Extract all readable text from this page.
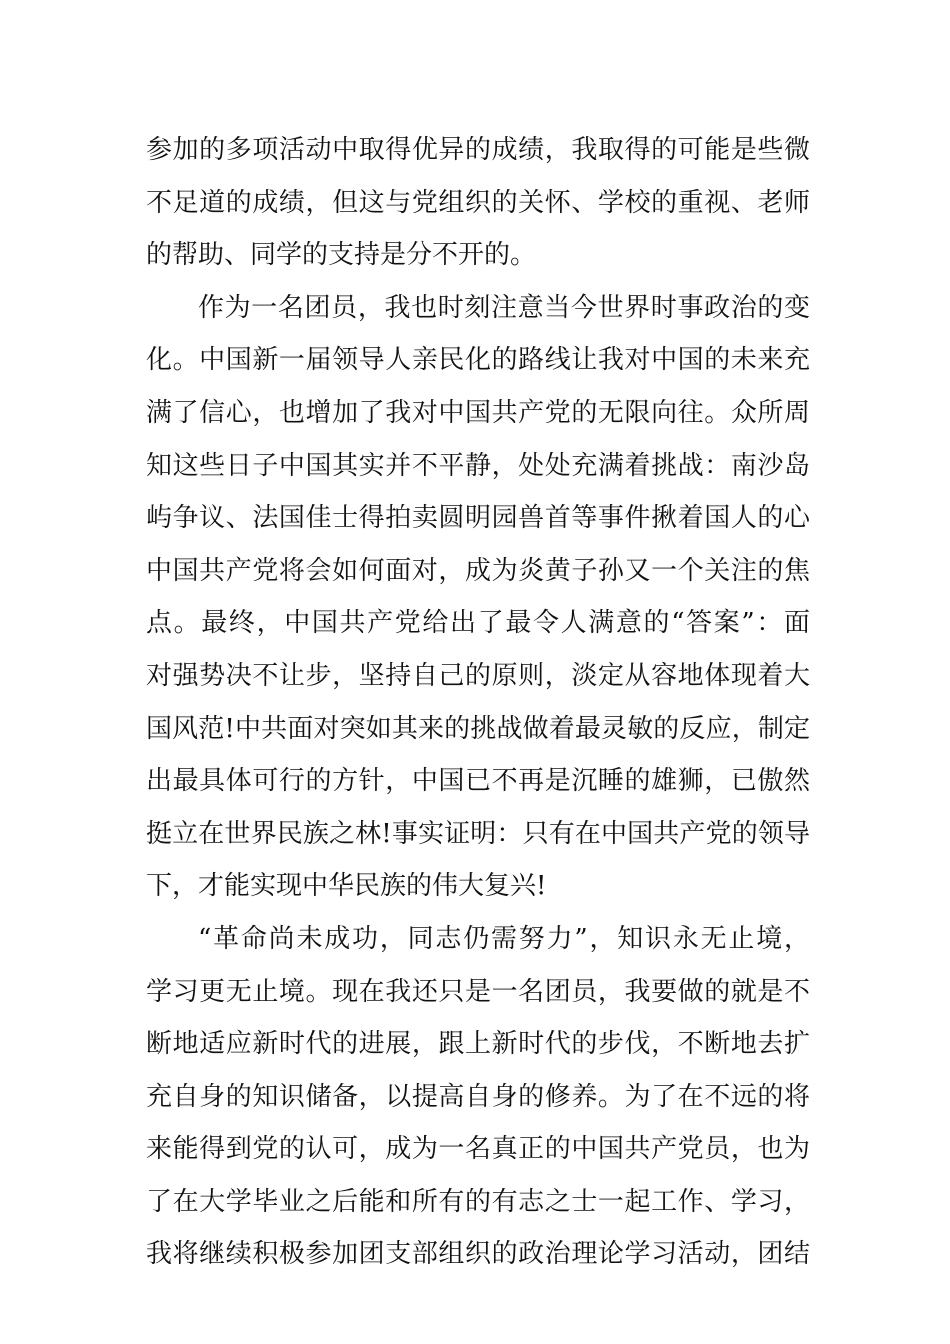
参加的多项活动中取得优异的成绩，我取得的可能是些微
不足道的成绩，但这与党组织的关怀、学校的重视、老师
的帮助、同学的支持是分不开的。
作为一名团员，我也时刻注意当今世界时事政治的变
化。中国新一届领导人亲民化的路线让我对中国的未来充
满了信心，也增加了我对中国共产党的无限向往。众所周
知这些日子中国其实并不平静，处处充满着挑战：南沙岛
屿争议、法国佳士得拍卖圆明园兽首等事件揪着国人的心
中国共产党将会如何面对，成为炎黄子孙又一个关注的焦
点。最终，中国共产党给出了最令人满意的“答案”：面
对强势决不让步，坚持自己的原则，淡定从容地体现着大
国风范!中共面对突如其来的挑战做着最灵敏的反应，制定
出最具体可行的方针，中国已不再是沉睡的雄狮，已傲然
挺立在世界民族之林!事实证明：只有在中国共产党的领导
下，才能实现中华民族的伟大复兴!
“革命尚未成功，同志仍需努力”，知识永无止境，
学习更无止境。现在我还只是一名团员，我要做的就是不
断地适应新时代的进展，跟上新时代的步伐，不断地去扩
充自身的知识储备，以提高自身的修养。为了在不远的将
来能得到党的认可，成为一名真正的中国共产党员，也为
了在大学毕业之后能和所有的有志之士一起工作、学习，
我将继续积极参加团支部组织的政治理论学习活动，团结
